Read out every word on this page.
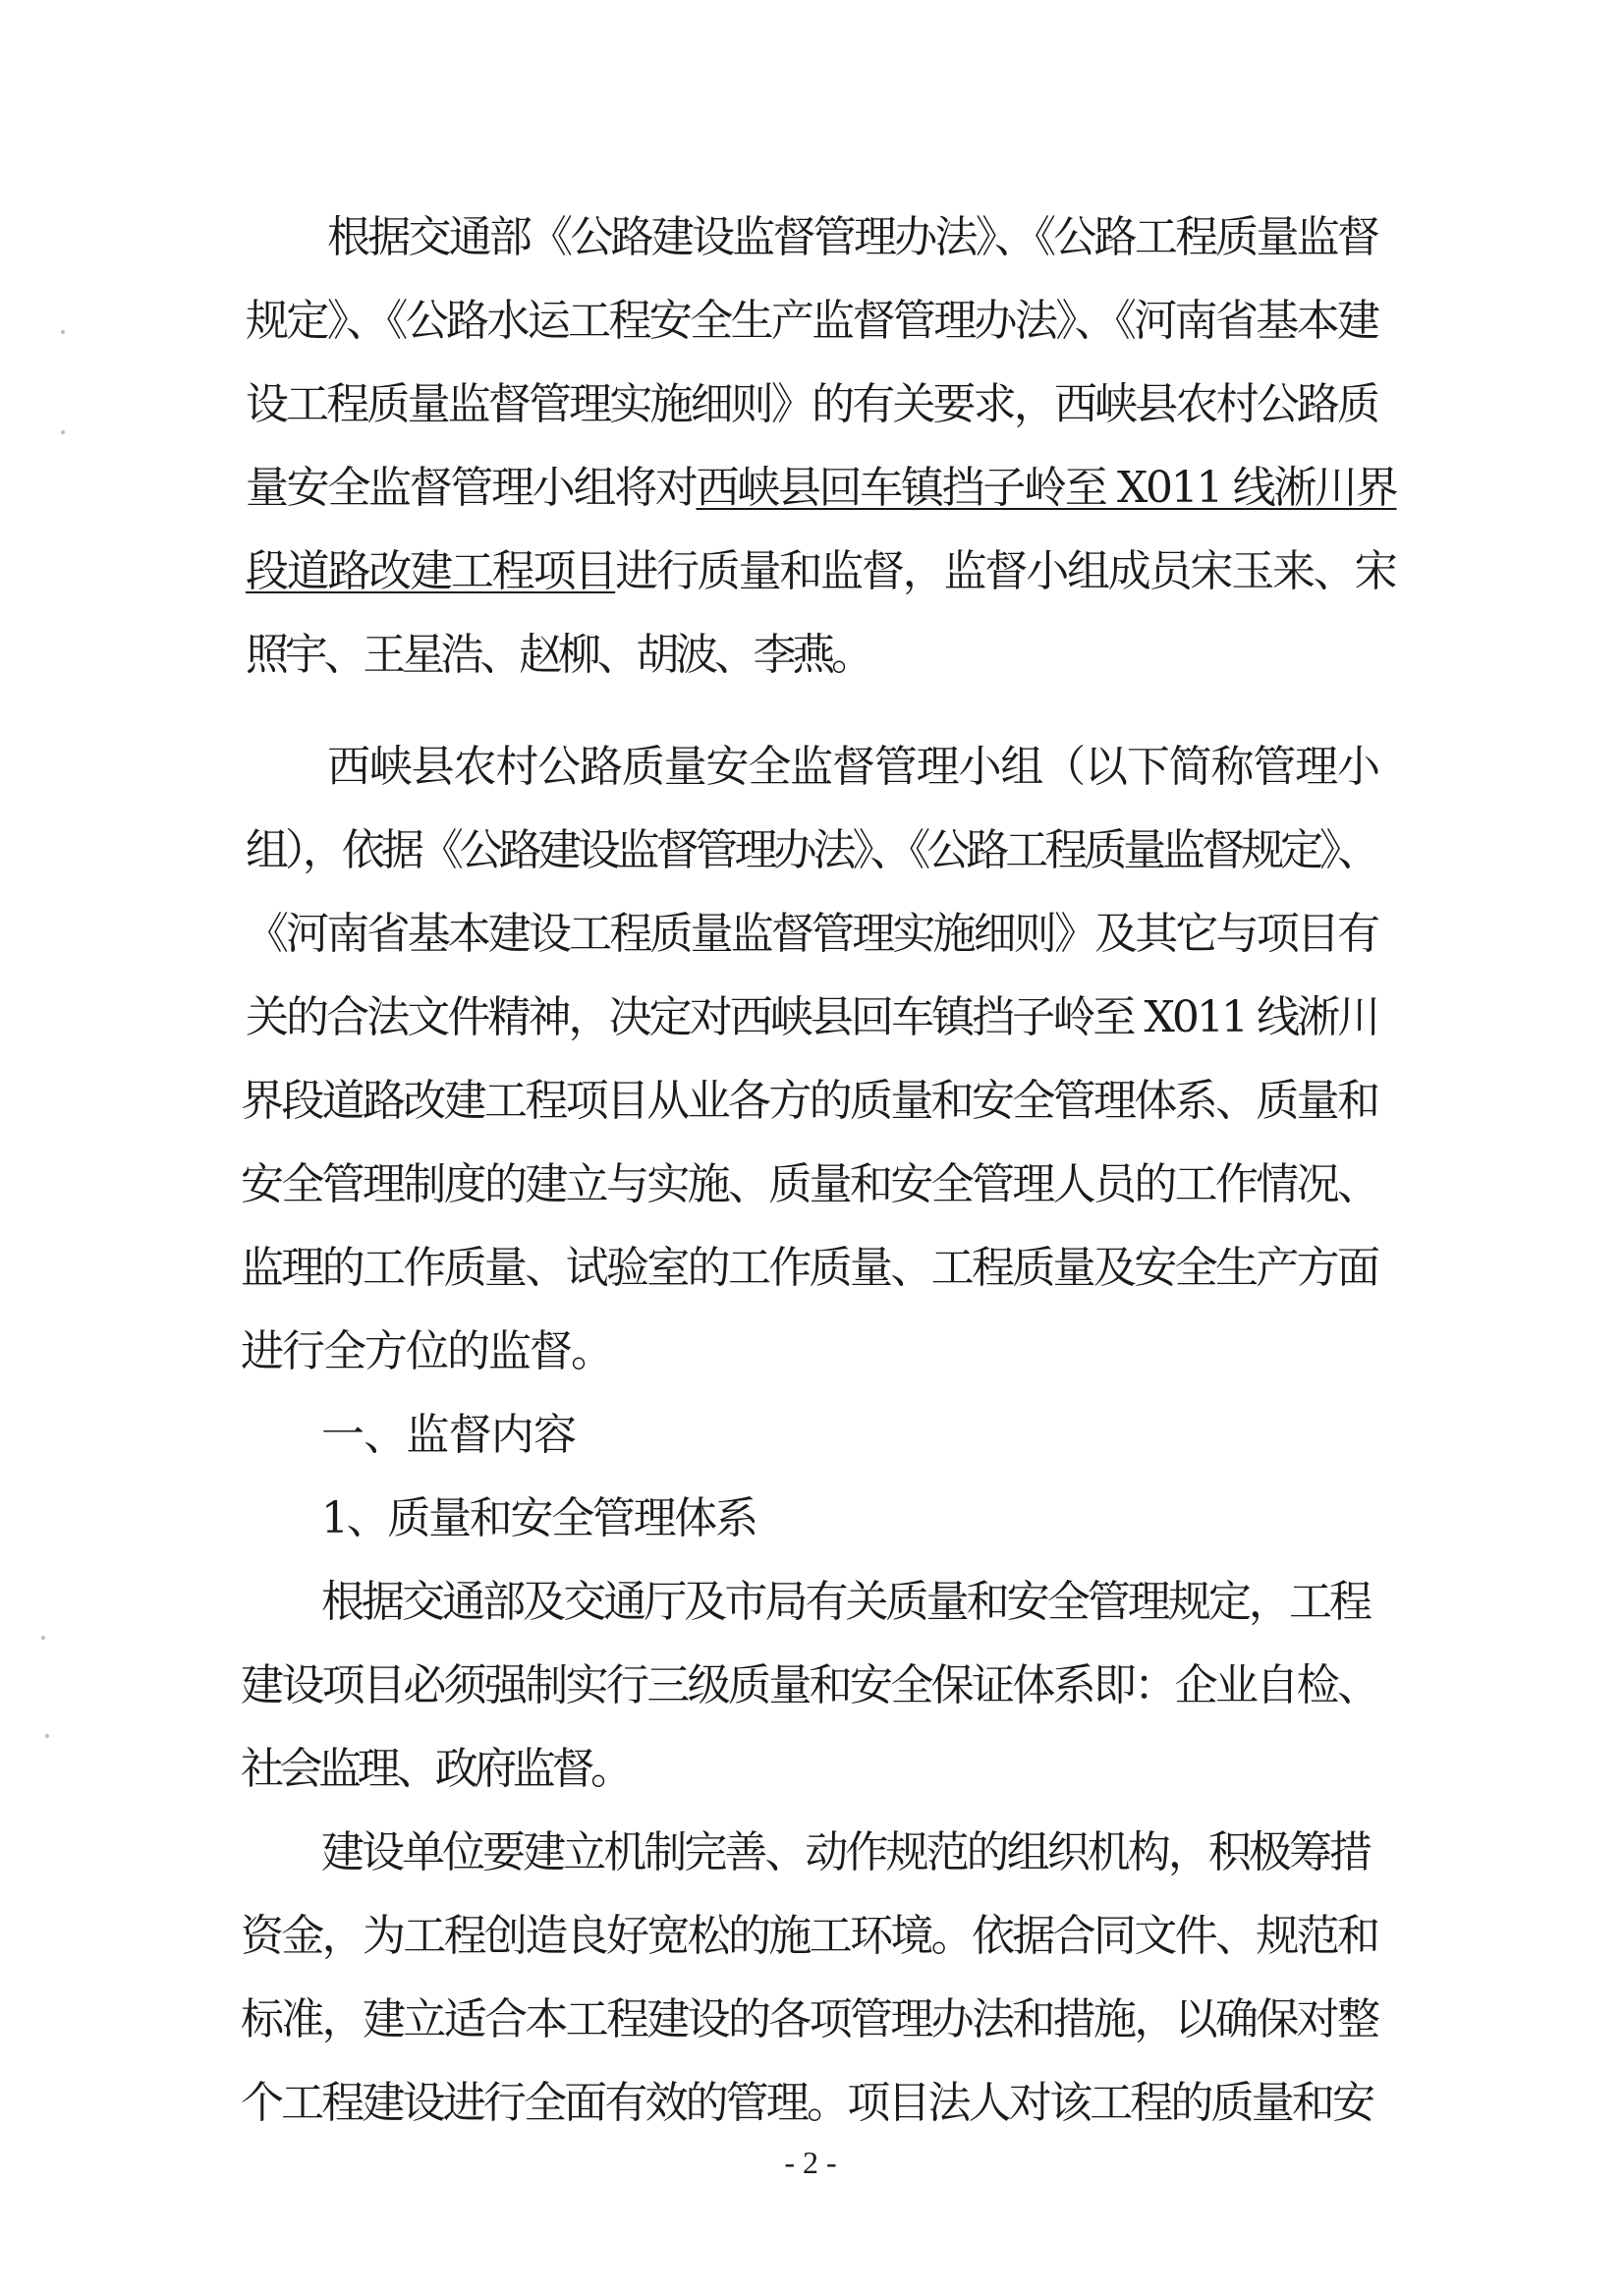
根据交通部《公路建设监督管理办法》、《公路工程质量监督
规定》、《公路水运工程安全生产监督管理办法》、《河南省基本建
设工程质量监督管理实施细则》的有关要求，西峡县农村公路质
量安全监督管理小组将对西峡县回车镇挡子岭至 X011 线淅川界
段道路改建工程项目进行质量和监督，监督小组成员宋玉来、宋
照宇、王星浩、赵柳、胡波、李燕。
西峡县农村公路质量安全监督管理小组（以下简称管理小
组），依据《公路建设监督管理办法》、《公路工程质量监督规定》、
《河南省基本建设工程质量监督管理实施细则》及其它与项目有
关的合法文件精神，决定对西峡县回车镇挡子岭至 X011 线淅川
界段道路改建工程项目从业各方的质量和安全管理体系、质量和
安全管理制度的建立与实施、质量和安全管理人员的工作情况、
监理的工作质量、试验室的工作质量、工程质量及安全生产方面
进行全方位的监督。
一、监督内容
1、质量和安全管理体系
根据交通部及交通厅及市局有关质量和安全管理规定，工程
建设项目必须强制实行三级质量和安全保证体系即：企业自检、
社会监理、政府监督。
建设单位要建立机制完善、动作规范的组织机构，积极筹措
资金，为工程创造良好宽松的施工环境。依据合同文件、规范和
标准，建立适合本工程建设的各项管理办法和措施，以确保对整
个工程建设进行全面有效的管理。项目法人对该工程的质量和安
- 2 -
